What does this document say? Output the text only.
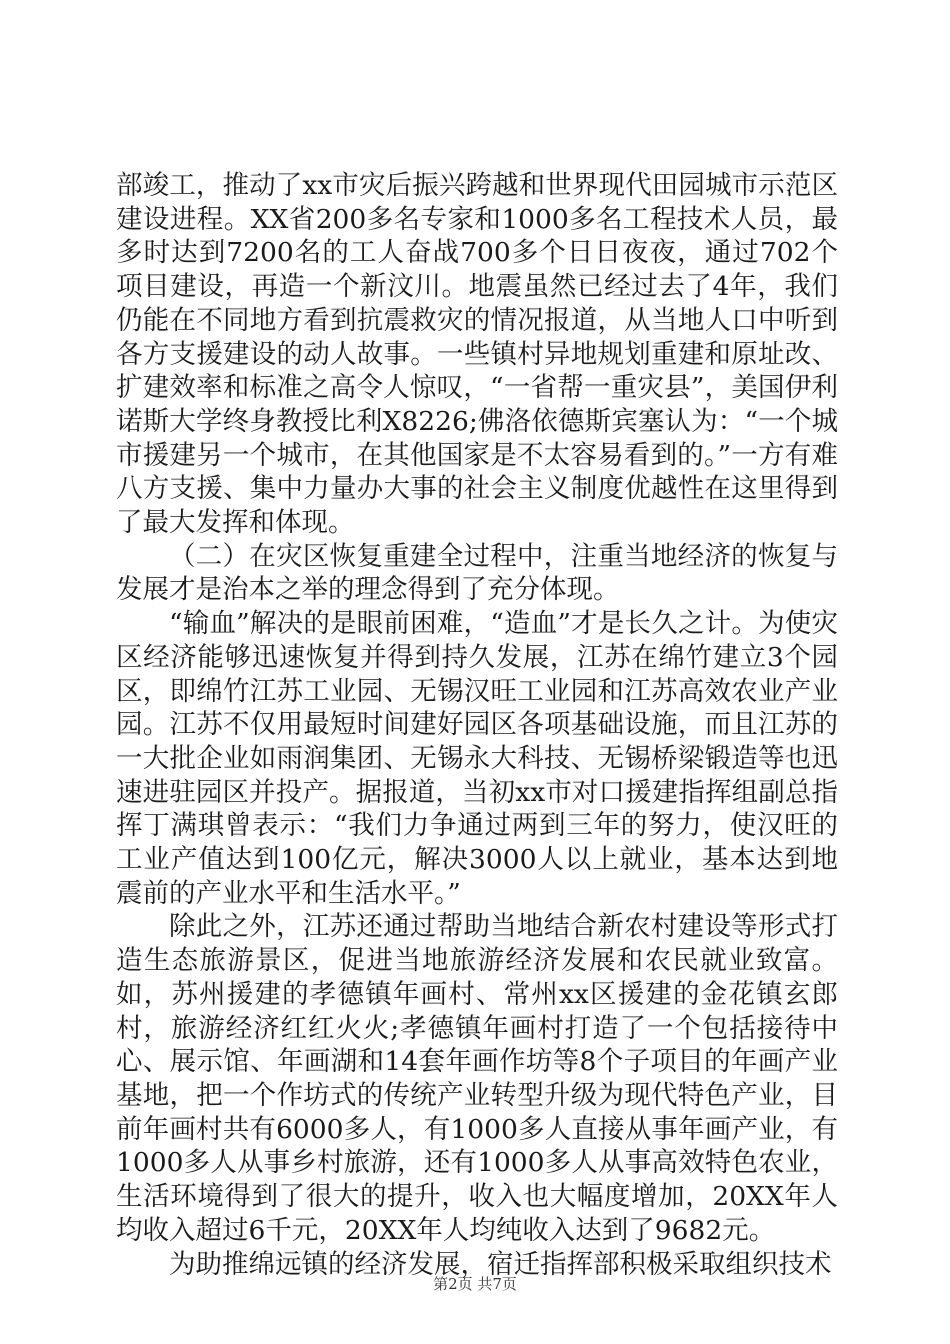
部竣工，推动了xx市灾后振兴跨越和世界现代田园城市示范区建设进程。XX省200多名专家和1000多名工程技术人员，最多时达到7200名的工人奋战700多个日日夜夜，通过702个项目建设，再造一个新汶川。地震虽然已经过去了4年，我们仍能在不同地方看到抗震救灾的情况报道，从当地人口中听到各方支援建设的动人故事。一些镇村异地规划重建和原址改、扩建效率和标准之高令人惊叹，“一省帮一重灾县”，美国伊利诺斯大学终身教授比利X8226;佛洛依德斯宾塞认为：“一个城市援建另一个城市，在其他国家是不太容易看到的。”一方有难八方支援、集中力量办大事的社会主义制度优越性在这里得到了最大发挥和体现。

（二）在灾区恢复重建全过程中，注重当地经济的恢复与发展才是治本之举的理念得到了充分体现。

“输血”解决的是眼前困难，“造血”才是长久之计。为使灾区经济能够迅速恢复并得到持久发展，江苏在绵竹建立3个园区，即绵竹江苏工业园、无锡汉旺工业园和江苏高效农业产业园。江苏不仅用最短时间建好园区各项基础设施，而且江苏的一大批企业如雨润集团、无锡永大科技、无锡桥梁锻造等也迅速进驻园区并投产。据报道，当初xx市对口援建指挥组副总指挥丁满琪曾表示：“我们力争通过两到三年的努力，使汉旺的工业产值达到100亿元，解决3000人以上就业，基本达到地震前的产业水平和生活水平。”

除此之外，江苏还通过帮助当地结合新农村建设等形式打造生态旅游景区，促进当地旅游经济发展和农民就业致富。如，苏州援建的孝德镇年画村、常州xx区援建的金花镇玄郎村，旅游经济红红火火;孝德镇年画村打造了一个包括接待中心、展示馆、年画湖和14套年画作坊等8个子项目的年画产业基地，把一个作坊式的传统产业转型升级为现代特色产业，目前年画村共有6000多人，有1000多人直接从事年画产业，有1000多人从事乡村旅游，还有1000多人从事高效特色农业，生活环境得到了很大的提升，收入也大幅度增加，20XX年人均收入超过6千元，20XX年人均纯收入达到了9682元。

为助推绵远镇的经济发展，宿迁指挥部积极采取组织技术

第2页 共7页
